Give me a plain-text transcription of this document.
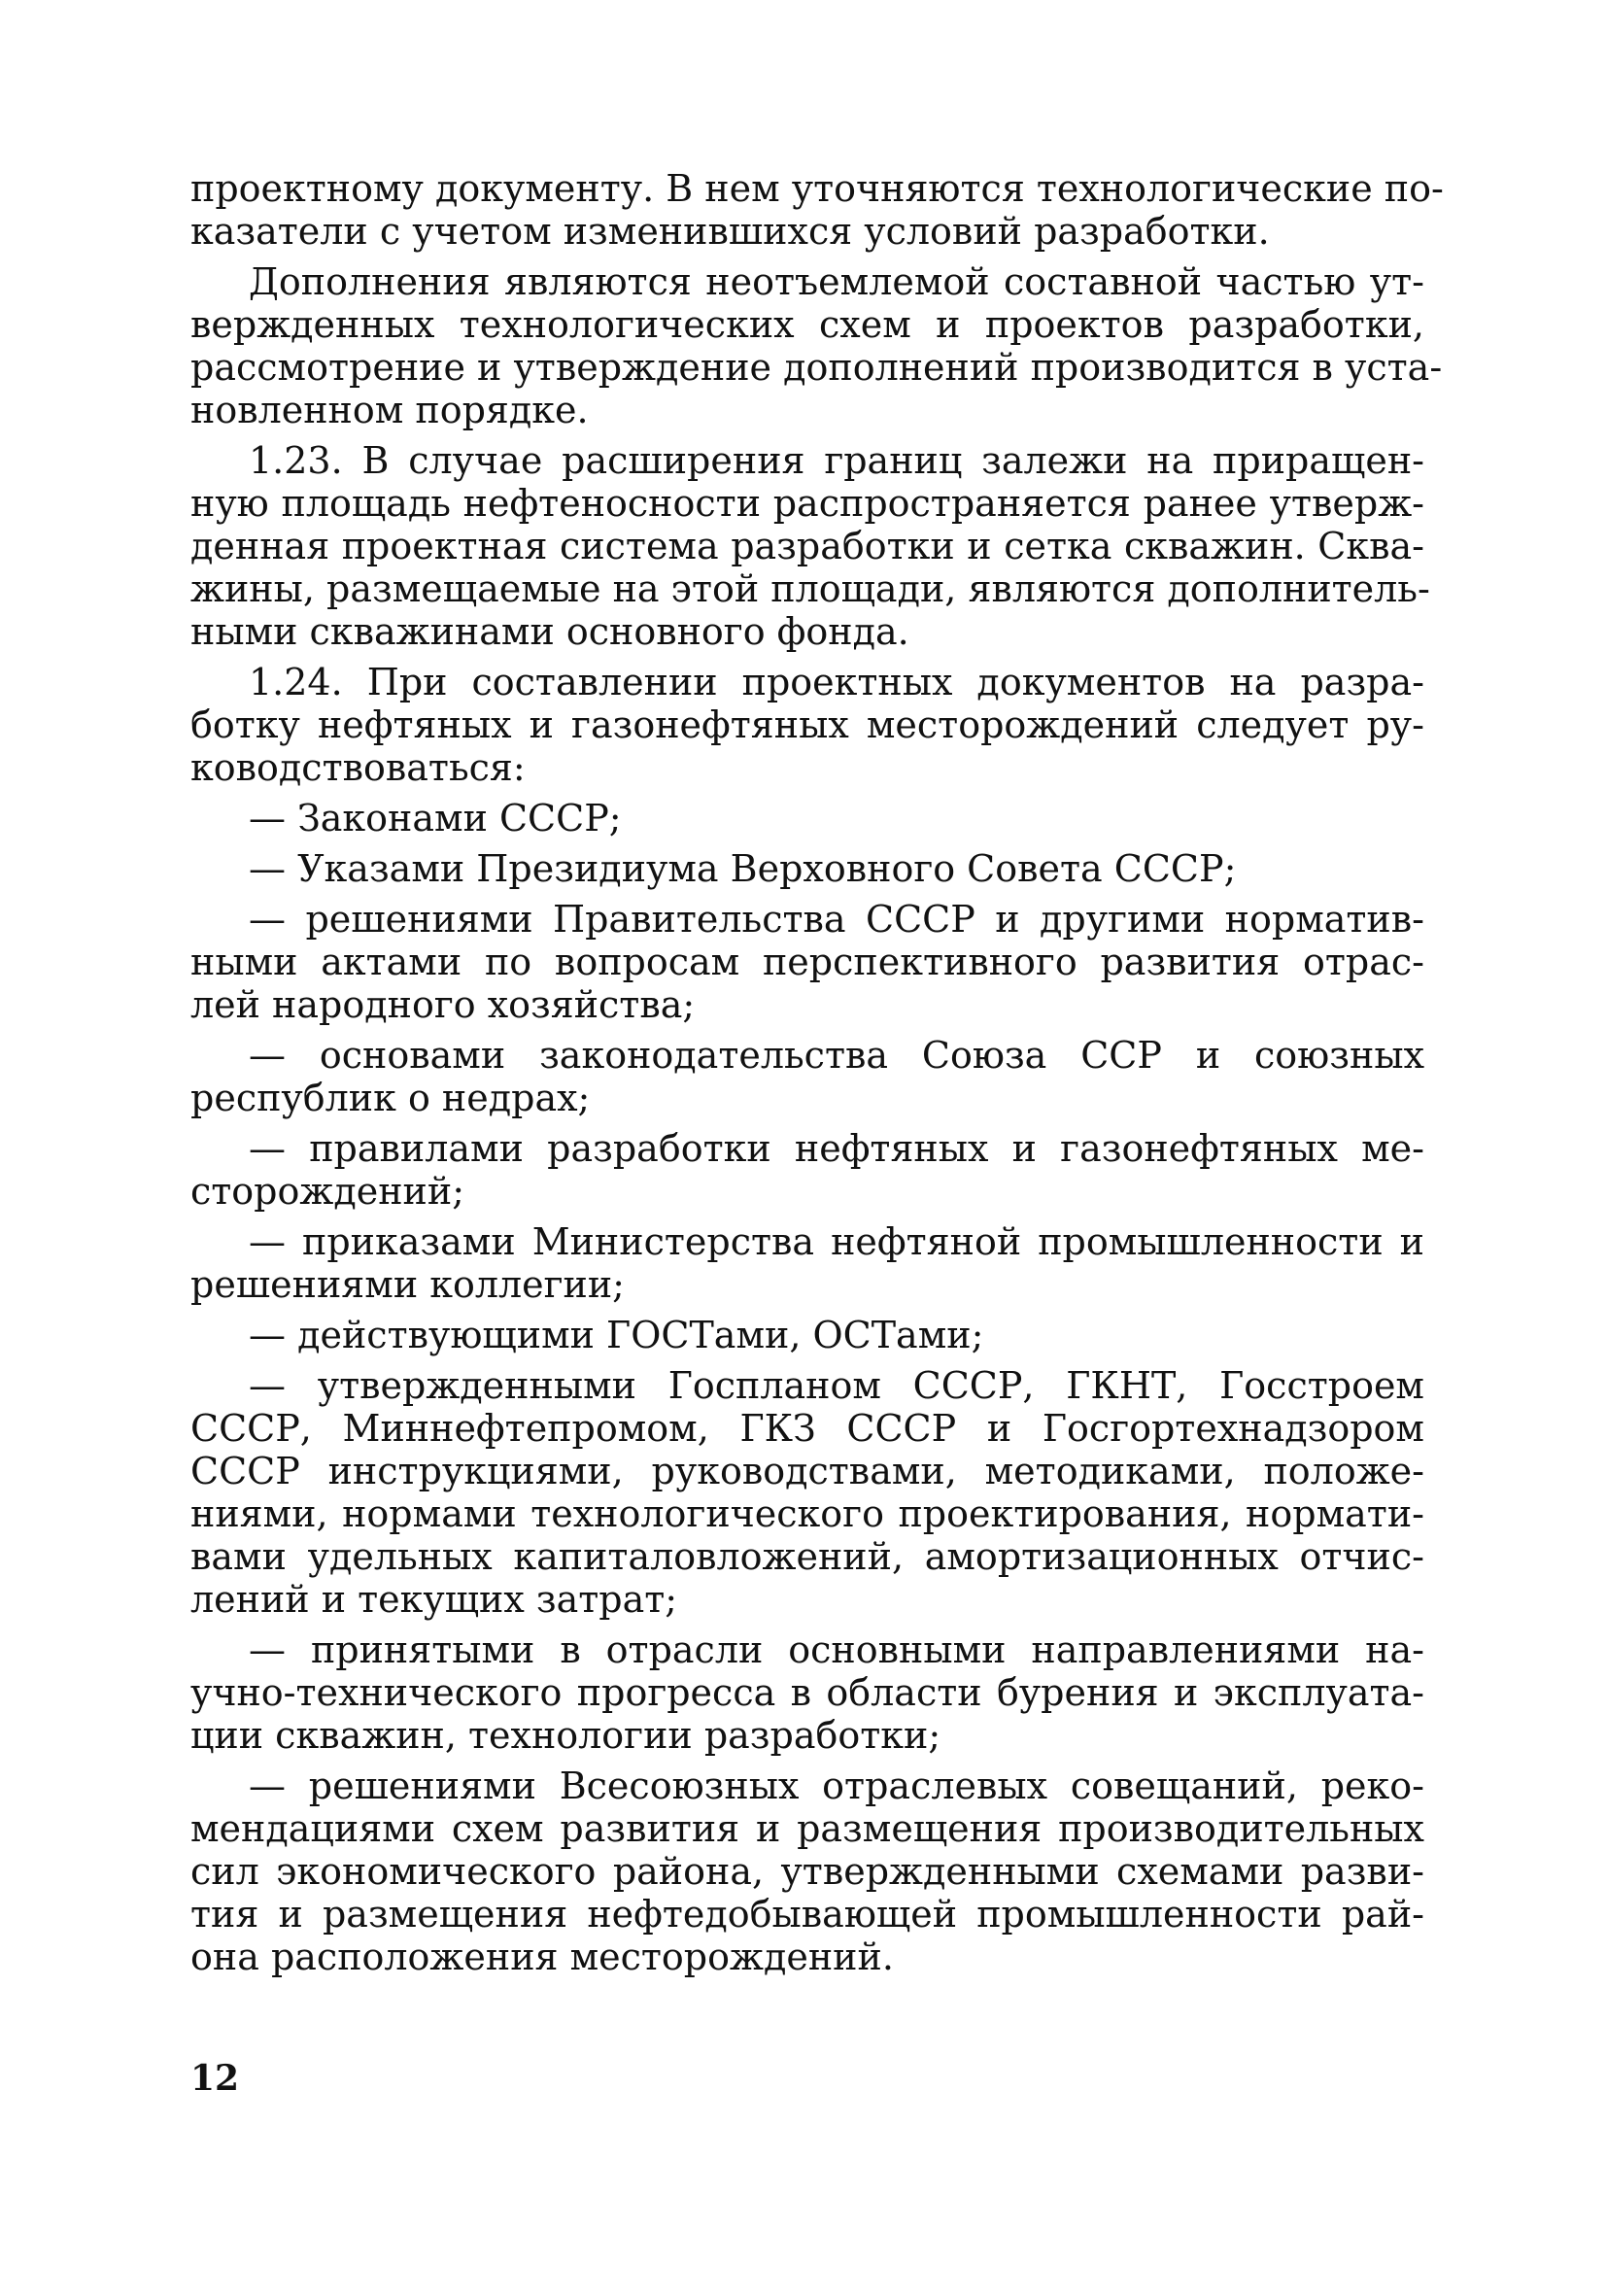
проектному документу. В нем уточняются технологические по-
казатели с учетом изменившихся условий разработки.
Дополнения являются неотъемлемой составной частью ут-
вержденных технологических схем и проектов разработки,
рассмотрение и утверждение дополнений производится в уста-
новленном порядке.
1.23. В случае расширения границ залежи на приращен-
ную площадь нефтеносности распространяется ранее утверж-
денная проектная система разработки и сетка скважин. Сква-
жины, размещаемые на этой площади, являются дополнитель-
ными скважинами основного фонда.
1.24. При составлении проектных документов на разра-
ботку нефтяных и газонефтяных месторождений следует ру-
ководствоваться:
— Законами СССР;
— Указами Президиума Верховного Совета СССР;
— решениями Правительства СССР и другими норматив-
ными актами по вопросам перспективного развития отрас-
лей народного хозяйства;
— основами законодательства Союза ССР и союзных
республик о недрах;
— правилами разработки нефтяных и газонефтяных ме-
сторождений;
— приказами Министерства нефтяной промышленности и
решениями коллегии;
— действующими ГОСТами, ОСТами;
— утвержденными Госпланом СССР, ГКНТ, Госстроем
СССР, Миннефтепромом, ГКЗ СССР и Госгортехнадзором
СССР инструкциями, руководствами, методиками, положе-
ниями, нормами технологического проектирования, нормати-
вами удельных капиталовложений, амортизационных отчис-
лений и текущих затрат;
— принятыми в отрасли основными направлениями на-
учно-технического прогресса в области бурения и эксплуата-
ции скважин, технологии разработки;
— решениями Всесоюзных отраслевых совещаний, реко-
мендациями схем развития и размещения производительных
сил экономического района, утвержденными схемами разви-
тия и размещения нефтедобывающей промышленности рай-
она расположения месторождений.
12
